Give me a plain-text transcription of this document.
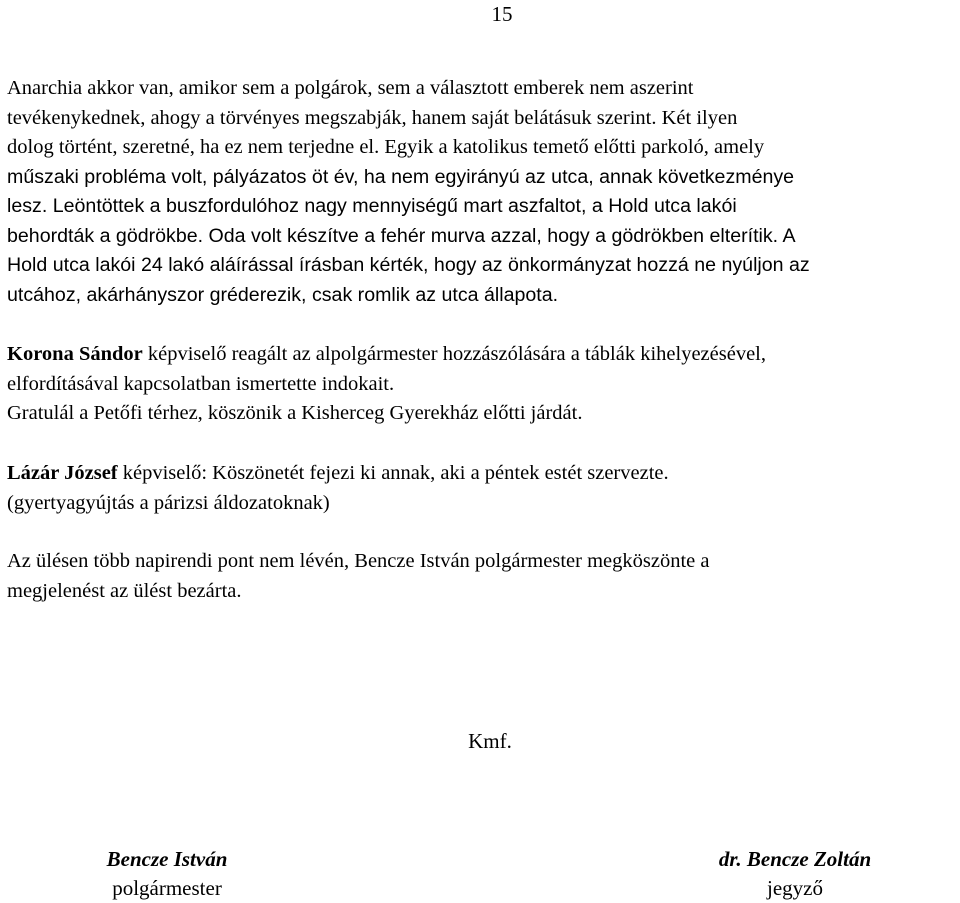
15
Anarchia akkor van, amikor sem a polgárok, sem a választott emberek nem aszerint
tevékenykednek, ahogy a törvényes megszabják, hanem saját belátásuk szerint. Két ilyen
dolog történt, szeretné, ha ez nem terjedne el. Egyik a katolikus temető előtti parkoló, amely
műszaki probléma volt, pályázatos öt év, ha nem egyirányú az utca, annak következménye
lesz. Leöntöttek a buszfordulóhoz nagy mennyiségű mart aszfaltot, a Hold utca lakói
behordták a gödrökbe. Oda volt készítve a fehér murva azzal, hogy a gödrökben elterítik. A
Hold utca lakói 24 lakó aláírással írásban kérték, hogy az önkormányzat hozzá ne nyúljon az
utcához, akárhányszor gréderezik, csak romlik az utca állapota.
Korona Sándor képviselő reagált az alpolgármester hozzászólására a táblák kihelyezésével,
elfordításával kapcsolatban ismertette indokait.
Gratulál a Petőfi térhez, köszönik a Kisherceg Gyerekház előtti járdát.
Lázár József képviselő: Köszönetét fejezi ki annak, aki a péntek estét szervezte.
(gyertyagyújtás a párizsi áldozatoknak)
Az ülésen több napirendi pont nem lévén, Bencze István polgármester megköszönte a
megjelenést az ülést bezárta.
Kmf.
Bencze István
polgármester
dr. Bencze Zoltán
jegyző
